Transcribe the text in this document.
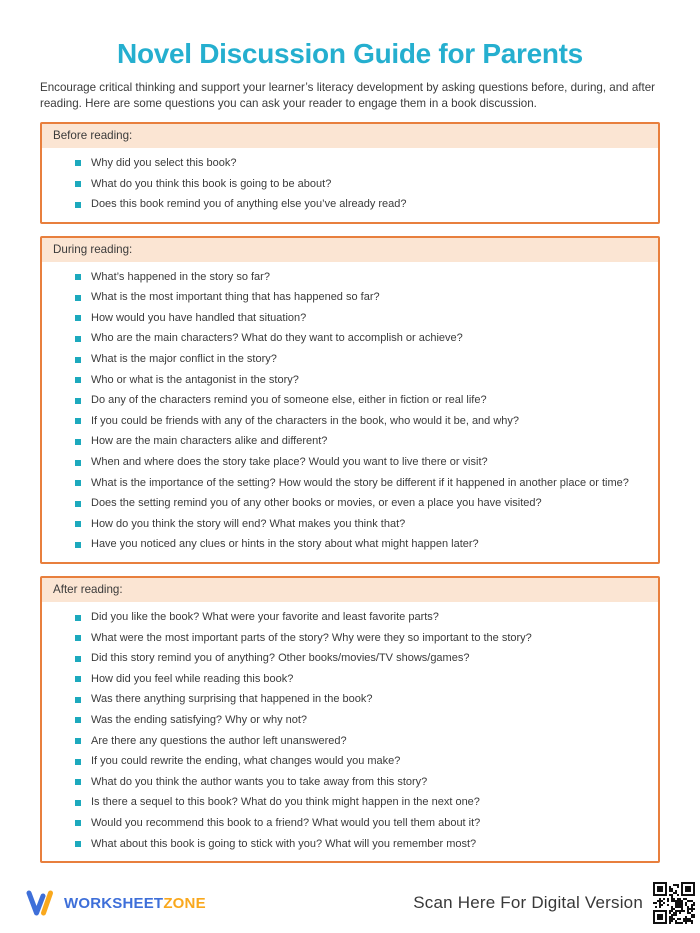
Novel Discussion Guide for Parents

Encourage critical thinking and support your learner’s literacy development by asking questions before, during, and after reading. Here are some questions you can ask your reader to engage them in a book discussion.

Before reading:
Why did you select this book?
What do you think this book is going to be about?
Does this book remind you of anything else you’ve already read?
During reading:
What’s happened in the story so far?
What is the most important thing that has happened so far?
How would you have handled that situation?
Who are the main characters? What do they want to accomplish or achieve?
What is the major conflict in the story?
Who or what is the antagonist in the story?
Do any of the characters remind you of someone else, either in fiction or real life?
If you could be friends with any of the characters in the book, who would it be, and why?
How are the main characters alike and different?
When and where does the story take place? Would you want to live there or visit?
What is the importance of the setting? How would the story be different if it happened in another place or time?
Does the setting remind you of any other books or movies, or even a place you have visited?
How do you think the story will end? What makes you think that?
Have you noticed any clues or hints in the story about what might happen later?
After reading:
Did you like the book? What were your favorite and least favorite parts?
What were the most important parts of the story? Why were they so important to the story?
Did this story remind you of anything? Other books/movies/TV shows/games?
How did you feel while reading this book?
Was there anything surprising that happened in the book?
Was the ending satisfying? Why or why not?
Are there any questions the author left unanswered?
If you could rewrite the ending, what changes would you make?
What do you think the author wants you to take away from this story?
Is there a sequel to this book? What do you think might happen in the next one?
Would you recommend this book to a friend? What would you tell them about it?
What about this book is going to stick with you? What will you remember most?
WORKSHEETZONE	Scan Here For Digital Version
